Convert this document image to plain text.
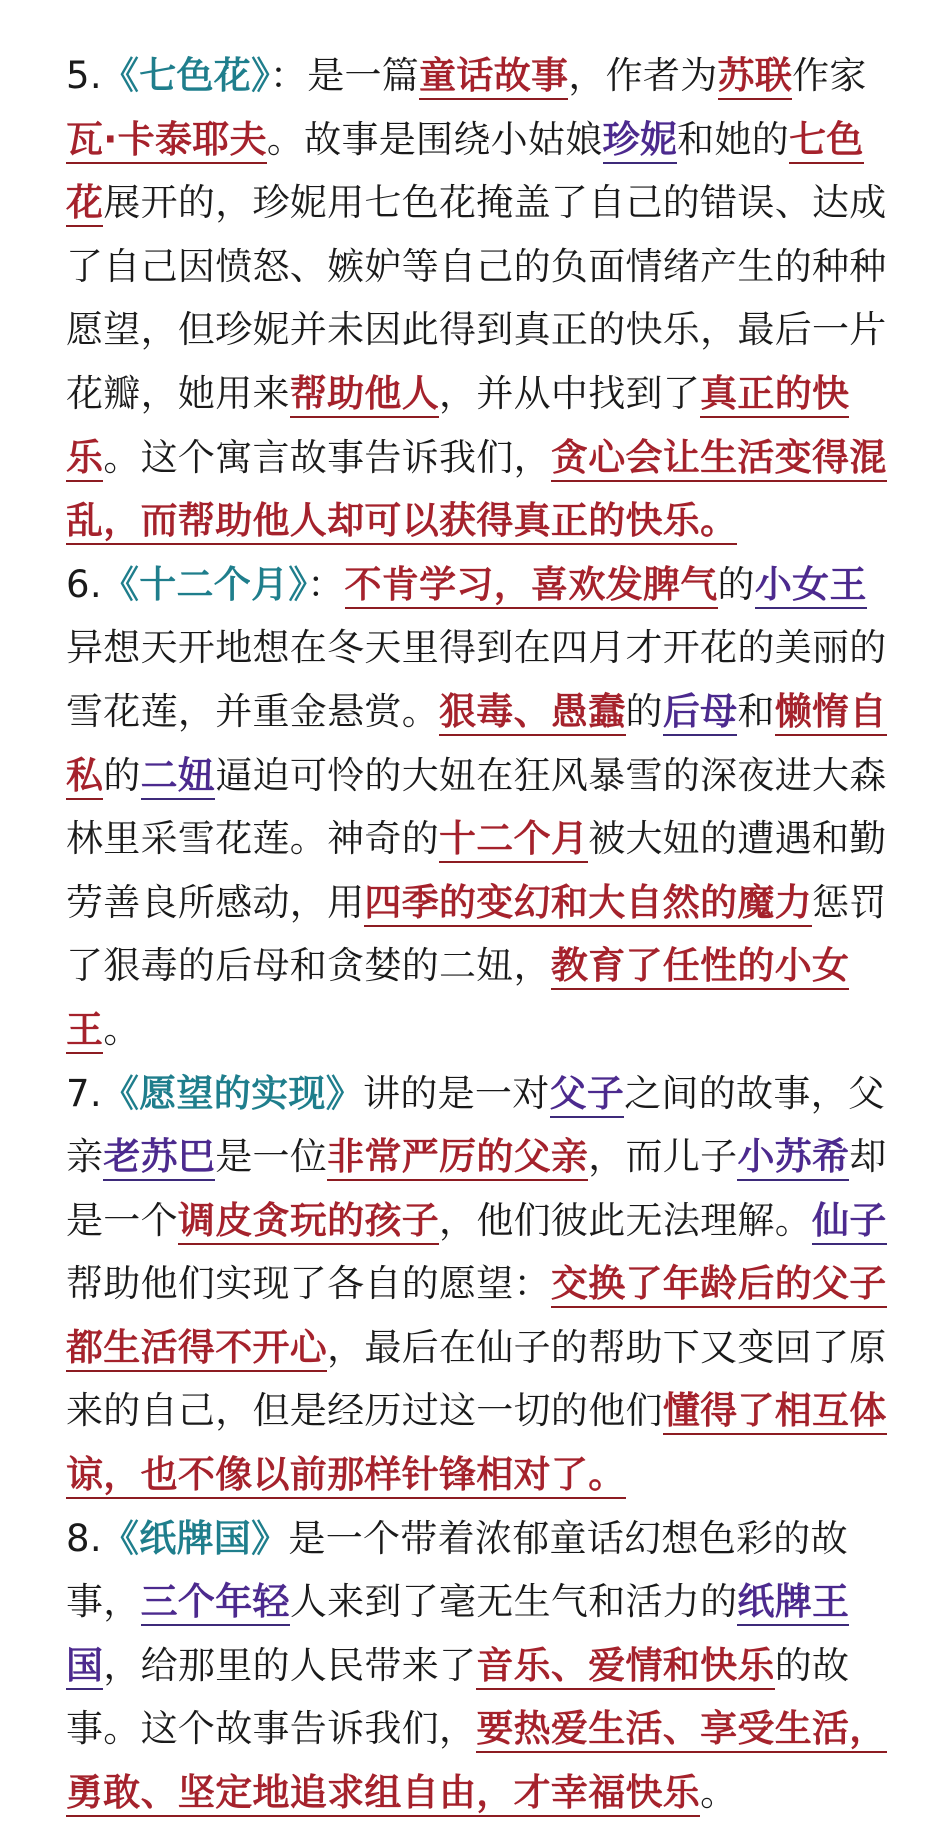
5.《七色花》：是一篇童话故事，作者为苏联作家瓦·卡泰耶夫。故事是围绕小姑娘珍妮和她的七色花展开的，珍妮用七色花掩盖了自己的错误、达成了自己因愤怒、嫉妒等自己的负面情绪产生的种种愿望，但珍妮并未因此得到真正的快乐，最后一片花瓣，她用来帮助他人，并从中找到了真正的快乐。这个寓言故事告诉我们，贪心会让生活变得混乱，而帮助他人却可以获得真正的快乐。

6.《十二个月》：不肯学习，喜欢发脾气的小女王异想天开地想在冬天里得到在四月才开花的美丽的雪花莲，并重金悬赏。狠毒、愚蠢的后母和懒惰自私的二妞逼迫可怜的大妞在狂风暴雪的深夜进大森林里采雪花莲。神奇的十二个月被大妞的遭遇和勤劳善良所感动，用四季的变幻和大自然的魔力惩罚了狠毒的后母和贪婪的二妞，教育了任性的小女王。

7.《愿望的实现》讲的是一对父子之间的故事，父亲老苏巴是一位非常严厉的父亲，而儿子小苏希却是一个调皮贪玩的孩子，他们彼此无法理解。仙子帮助他们实现了各自的愿望：交换了年龄后的父子都生活得不开心，最后在仙子的帮助下又变回了原来的自己，但是经历过这一切的他们懂得了相互体谅，也不像以前那样针锋相对了。

8.《纸牌国》是一个带着浓郁童话幻想色彩的故事，三个年轻人来到了毫无生气和活力的纸牌王国，给那里的人民带来了音乐、爱情和快乐的故事。这个故事告诉我们，要热爱生活、享受生活，勇敢、坚定地追求组自由，才幸福快乐。
